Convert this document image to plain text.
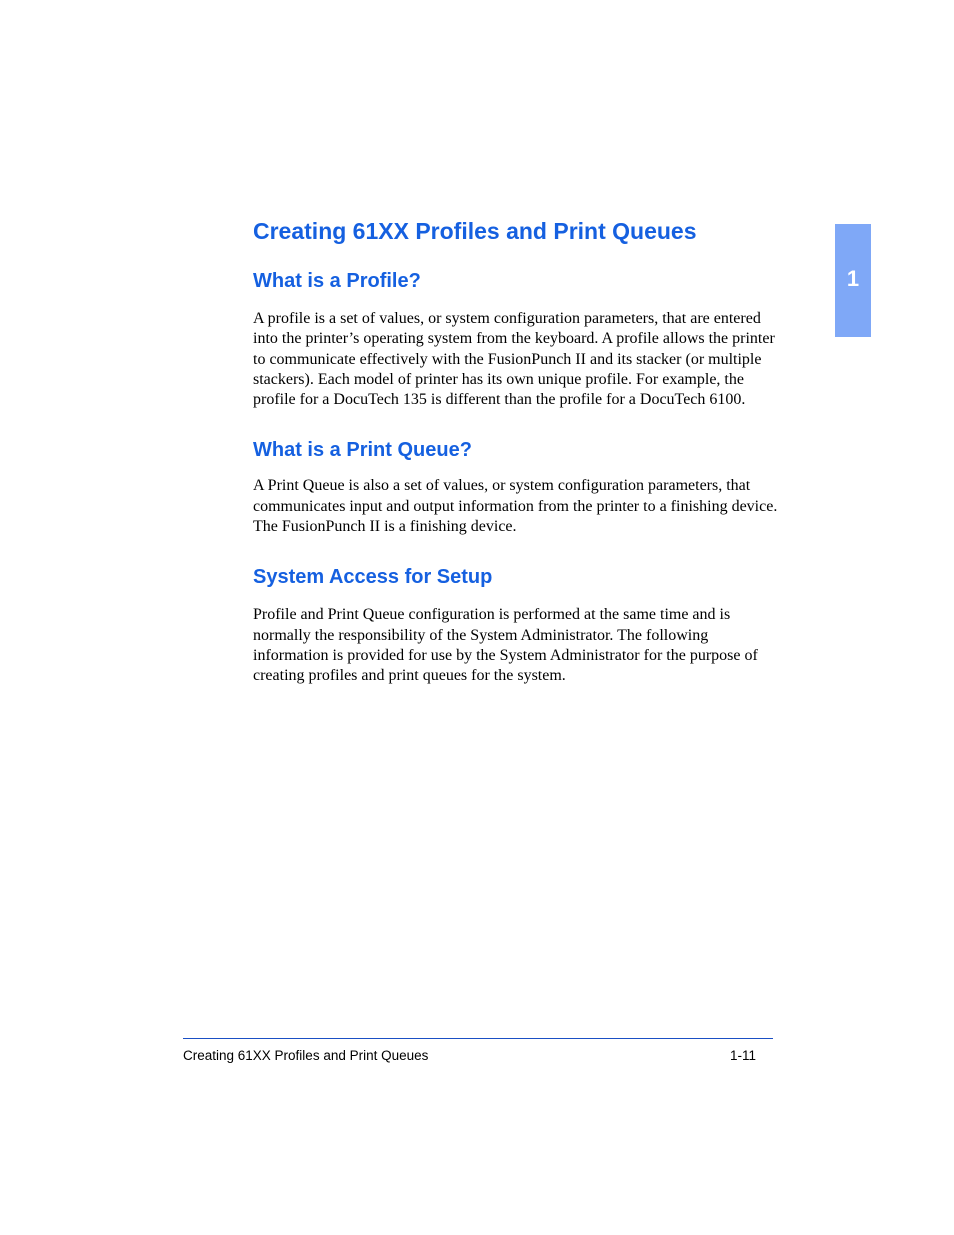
1
Creating 61XX Profiles and Print Queues
What is a Profile?

A profile is a set of values, or system configuration parameters, that are entered into the printer’s operating system from the keyboard. A profile allows the printer to communicate effectively with the FusionPunch II and its stacker (or multiple stackers). Each model of printer has its own unique profile. For example, the profile for a DocuTech 135 is different than the profile for a DocuTech 6100.

What is a Print Queue?

A Print Queue is also a set of values, or system configuration parameters, that communicates input and output information from the printer to a finishing device. The FusionPunch II is a finishing device.

System Access for Setup

Profile and Print Queue configuration is performed at the same time and is normally the responsibility of the System Administrator. The following information is provided for use by the System Administrator for the purpose of creating profiles and print queues for the system.

Creating 61XX Profiles and Print Queues	1-11
